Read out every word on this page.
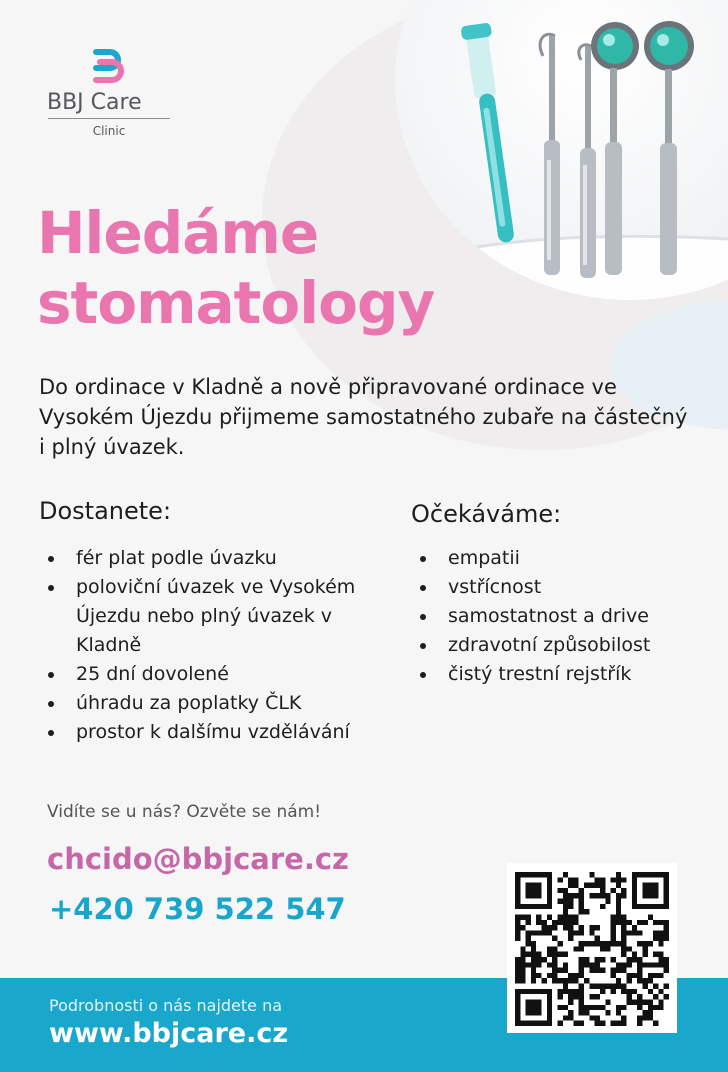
BBJ Care
Clinic
Hledáme
stomatology

Do ordinace v Kladně a nově připravované ordinace ve Vysokém Újezdu přijmeme samostatného zubaře na částečný i plný úvazek.

Dostanete:
fér plat podle úvazku
poloviční úvazek ve Vysokém Újezdu nebo plný úvazek v Kladně
25 dní dovolené
úhradu za poplatky ČLK
prostor k dalšímu vzdělávání
Očekáváme:
empatii
vstřícnost
samostatnost a drive
zdravotní způsobilost
čistý trestní rejstřík

Vidíte se u nás? Ozvěte se nám!

chcido@bbjcare.cz
+420 739 522 547

Podrobnosti o nás najdete na

www.bbjcare.cz
